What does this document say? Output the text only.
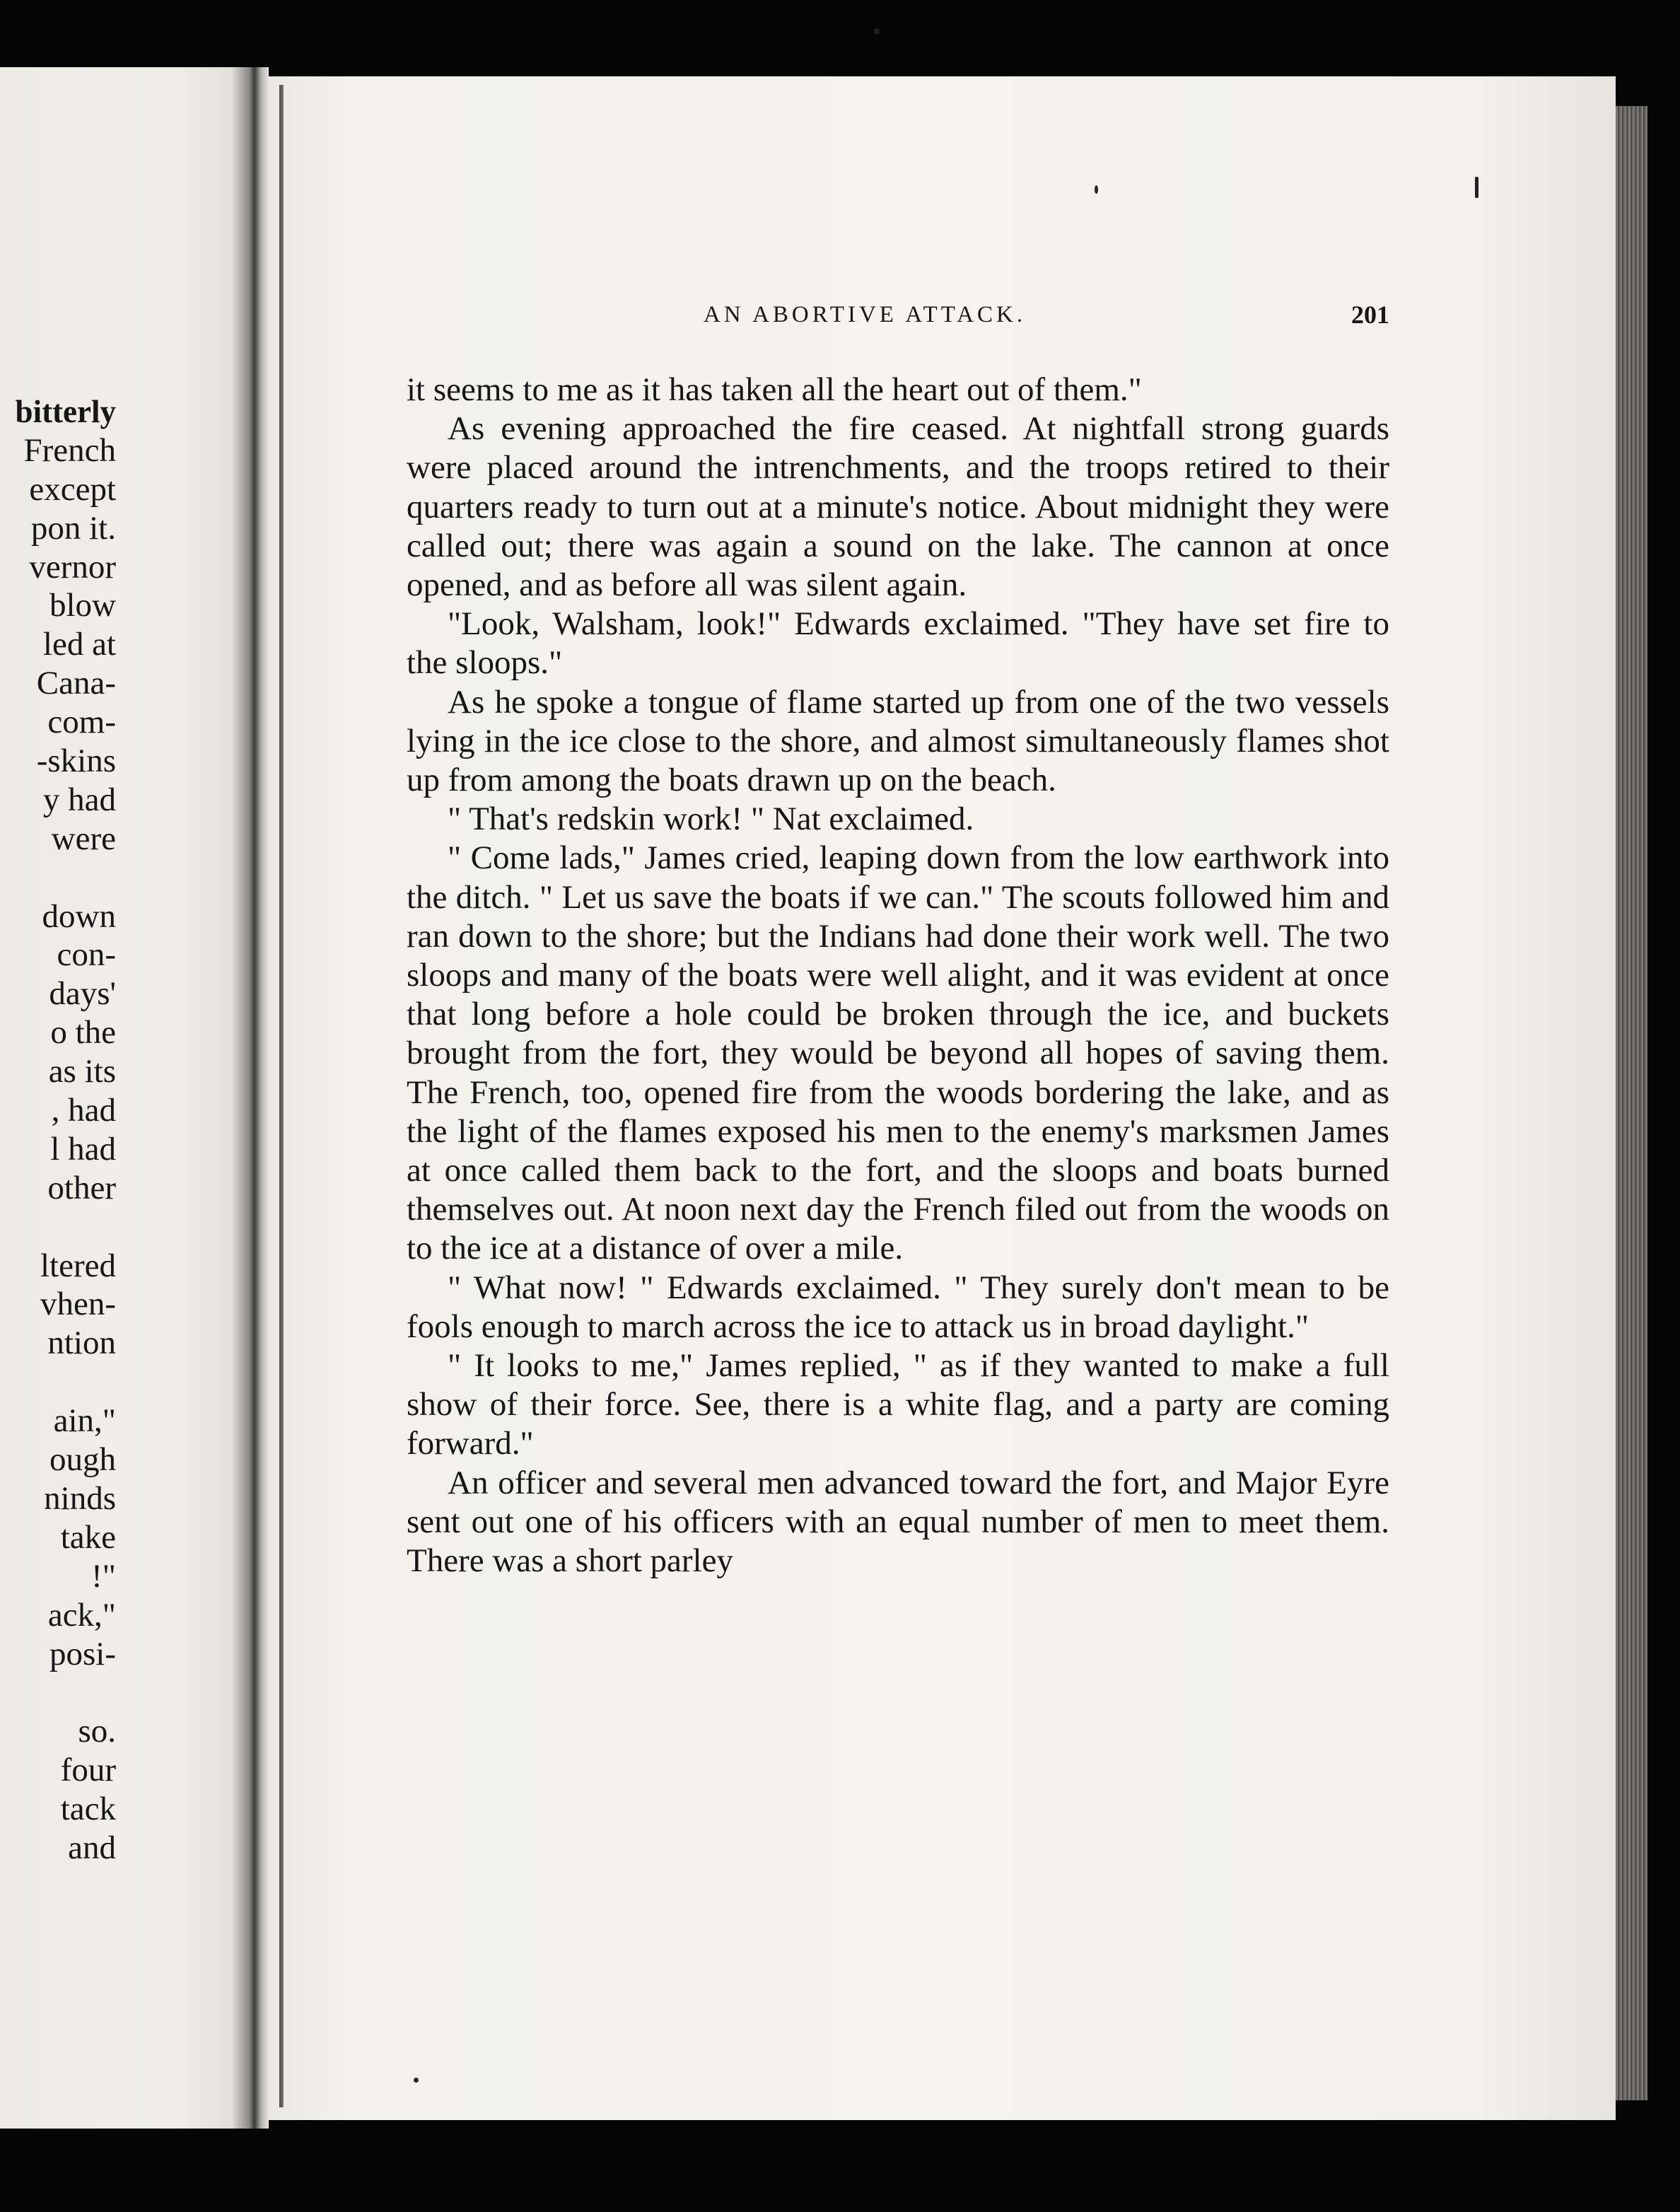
bitterly
French
except
pon it.
vernor
blow
led at
Cana-
com-
-skins
y had
were
down
con-
days'
o the
as its
, had
l had
other
ltered
vhen-
ntion
ain,"
ough
ninds
take
!"
ack,"
posi-
so.
four
tack
and
AN ABORTIVE ATTACK.	201

it seems to me as it has taken all the heart out of them."

As evening approached the fire ceased. At nightfall strong guards were placed around the intrenchments, and the troops retired to their quarters ready to turn out at a minute's notice. About midnight they were called out; there was again a sound on the lake. The cannon at once opened, and as before all was silent again.

"Look, Walsham, look!" Edwards exclaimed. "They have set fire to the sloops."

As he spoke a tongue of flame started up from one of the two vessels lying in the ice close to the shore, and almost simultaneously flames shot up from among the boats drawn up on the beach.

" That's redskin work! " Nat exclaimed.

" Come lads," James cried, leaping down from the low earthwork into the ditch. " Let us save the boats if we can." The scouts followed him and ran down to the shore; but the Indians had done their work well. The two sloops and many of the boats were well alight, and it was evident at once that long before a hole could be broken through the ice, and buckets brought from the fort, they would be beyond all hopes of saving them. The French, too, opened fire from the woods bordering the lake, and as the light of the flames exposed his men to the enemy's marksmen James at once called them back to the fort, and the sloops and boats burned themselves out. At noon next day the French filed out from the woods on to the ice at a distance of over a mile.

" What now! " Edwards exclaimed. " They surely don't mean to be fools enough to march across the ice to attack us in broad daylight."

" It looks to me," James replied, " as if they wanted to make a full show of their force. See, there is a white flag, and a party are coming forward."

An officer and several men advanced toward the fort, and Major Eyre sent out one of his officers with an equal number of men to meet them. There was a short parley
